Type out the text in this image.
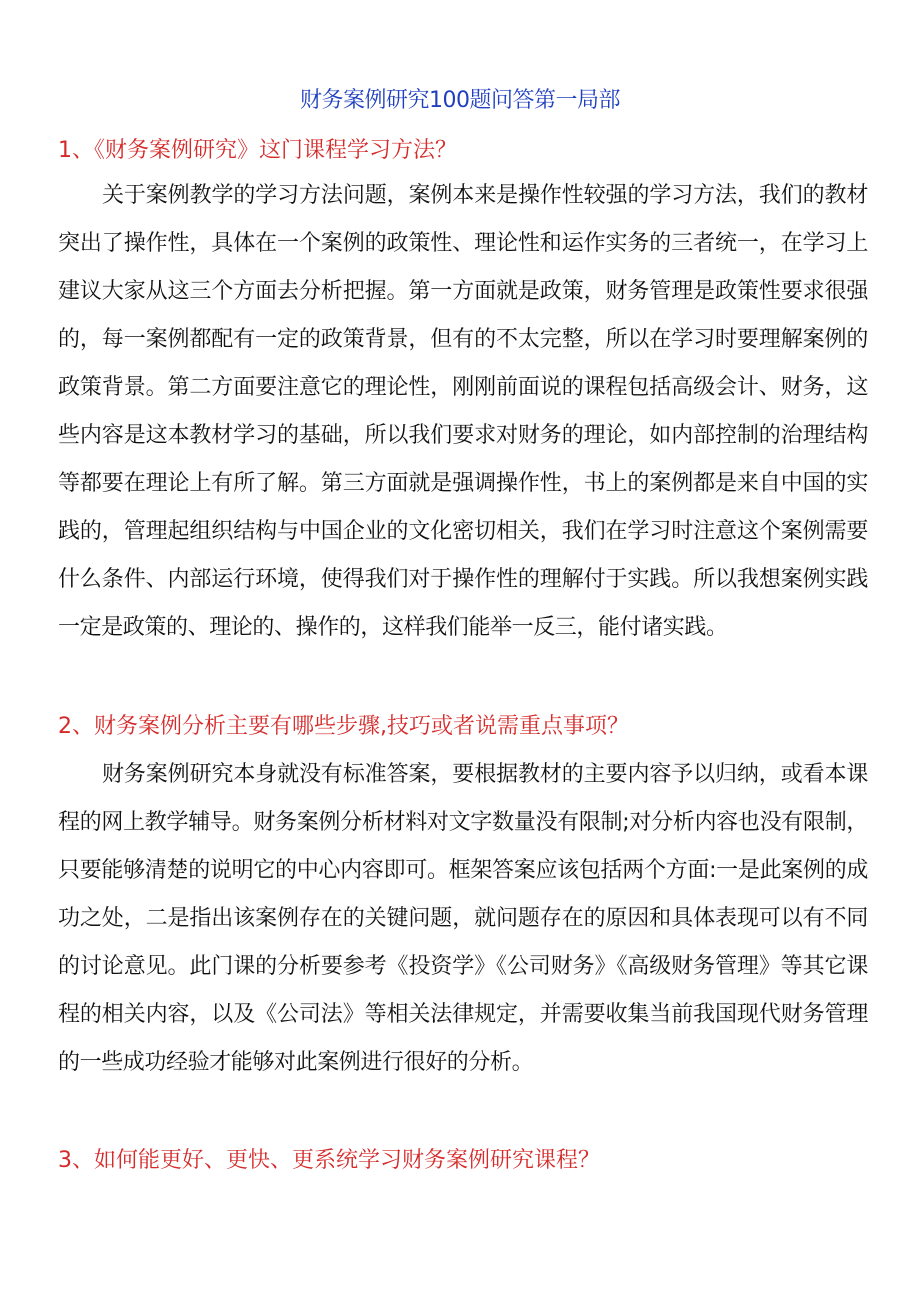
财务案例研究100题问答第一局部
1、《财务案例研究》这门课程学习方法？

关于案例教学的学习方法问题，案例本来是操作性较强的学习方法，我们的教材突出了操作性，具体在一个案例的政策性、理论性和运作实务的三者统一，在学习上建议大家从这三个方面去分析把握。第一方面就是政策，财务管理是政策性要求很强的，每一案例都配有一定的政策背景，但有的不太完整，所以在学习时要理解案例的政策背景。第二方面要注意它的理论性，刚刚前面说的课程包括高级会计、财务，这些内容是这本教材学习的基础，所以我们要求对财务的理论，如内部控制的治理结构等都要在理论上有所了解。第三方面就是强调操作性，书上的案例都是来自中国的实践的，管理起组织结构与中国企业的文化密切相关，我们在学习时注意这个案例需要什么条件、内部运行环境，使得我们对于操作性的理解付于实践。所以我想案例实践一定是政策的、理论的、操作的，这样我们能举一反三，能付诸实践。

2、财务案例分析主要有哪些步骤,技巧或者说需重点事项？

财务案例研究本身就没有标准答案，要根据教材的主要内容予以归纳，或看本课程的网上教学辅导。财务案例分析材料对文字数量没有限制;对分析内容也没有限制，只要能够清楚的说明它的中心内容即可。框架答案应该包括两个方面:一是此案例的成功之处，二是指出该案例存在的关键问题，就问题存在的原因和具体表现可以有不同的讨论意见。此门课的分析要参考《投资学》《公司财务》《高级财务管理》等其它课程的相关内容，以及《公司法》等相关法律规定，并需要收集当前我国现代财务管理的一些成功经验才能够对此案例进行很好的分析。

3、如何能更好、更快、更系统学习财务案例研究课程？
